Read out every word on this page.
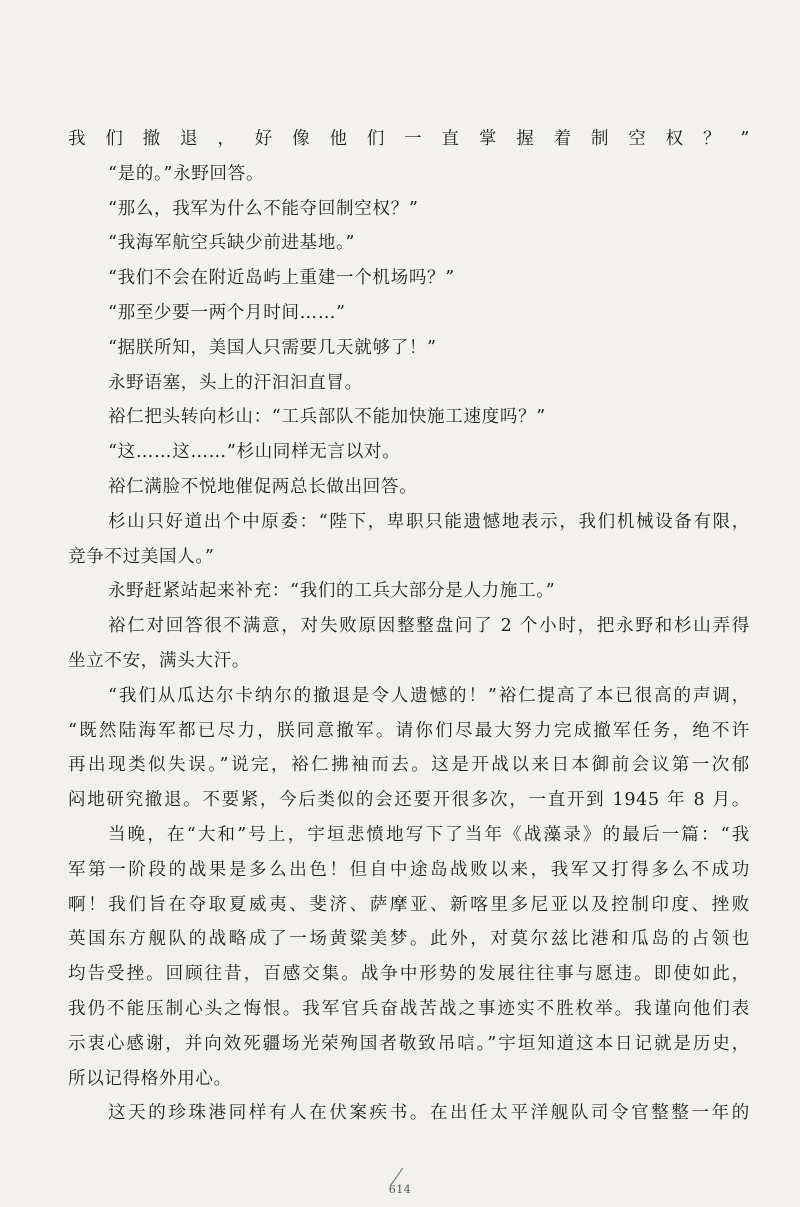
我们撤退，好像他们一直掌握着制空权？”
“是的。”永野回答。
“那么，我军为什么不能夺回制空权？”
“我海军航空兵缺少前进基地。”
“我们不会在附近岛屿上重建一个机场吗？”
“那至少要一两个月时间……”
“据朕所知，美国人只需要几天就够了！”
永野语塞，头上的汗汩汩直冒。
裕仁把头转向杉山：“工兵部队不能加快施工速度吗？”
“这……这……”杉山同样无言以对。
裕仁满脸不悦地催促两总长做出回答。
杉山只好道出个中原委：“陛下，卑职只能遗憾地表示，我们机械设备有限，
竞争不过美国人。”
永野赶紧站起来补充：“我们的工兵大部分是人力施工。”
裕仁对回答很不满意，对失败原因整整盘问了 2 个小时，把永野和杉山弄得
坐立不安，满头大汗。
“我们从瓜达尔卡纳尔的撤退是令人遗憾的！”裕仁提高了本已很高的声调，
“既然陆海军都已尽力，朕同意撤军。请你们尽最大努力完成撤军任务，绝不许
再出现类似失误。”说完，裕仁拂袖而去。这是开战以来日本御前会议第一次郁
闷地研究撤退。不要紧，今后类似的会还要开很多次，一直开到 1945 年 8 月。
当晚，在“大和”号上，宇垣悲愤地写下了当年《战藻录》的最后一篇：“我
军第一阶段的战果是多么出色！但自中途岛战败以来，我军又打得多么不成功
啊！我们旨在夺取夏威夷、斐济、萨摩亚、新喀里多尼亚以及控制印度、挫败
英国东方舰队的战略成了一场黄粱美梦。此外，对莫尔兹比港和瓜岛的占领也
均告受挫。回顾往昔，百感交集。战争中形势的发展往往事与愿违。即使如此，
我仍不能压制心头之悔恨。我军官兵奋战苦战之事迹实不胜枚举。我谨向他们表
示衷心感谢，并向效死疆场光荣殉国者敬致吊唁。”宇垣知道这本日记就是历史，
所以记得格外用心。
这天的珍珠港同样有人在伏案疾书。在出任太平洋舰队司令官整整一年的
614
